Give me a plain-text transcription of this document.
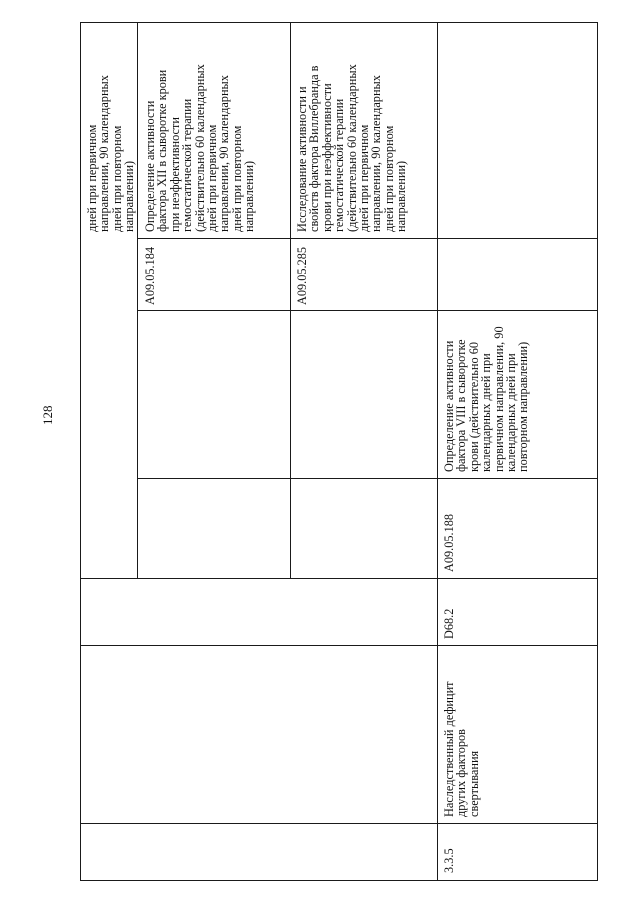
128
дней при первичном
направлении, 90 календарных
дней при повторном
направлении)
A09.05.184
Определение активности
фактора XII в сыворотке крови
при неэффективности
гемостатической терапии
(действительно 60 календарных
дней при первичном
направлении, 90 календарных
дней при повторном
направлении)
A09.05.285
Исследование активности и
свойств фактора Виллебранда в
крови при неэффективности
гемостатической терапии
(действительно 60 календарных
дней при первичном
направлении, 90 календарных
дней при повторном
направлении)
3.3.5
Наследственный дефицит
других факторов
свертывания
D68.2
A09.05.188
Определение активности
фактора VIII в сыворотке
крови (действительно 60
календарных дней при
первичном направлении, 90
календарных дней при
повторном направлении)
